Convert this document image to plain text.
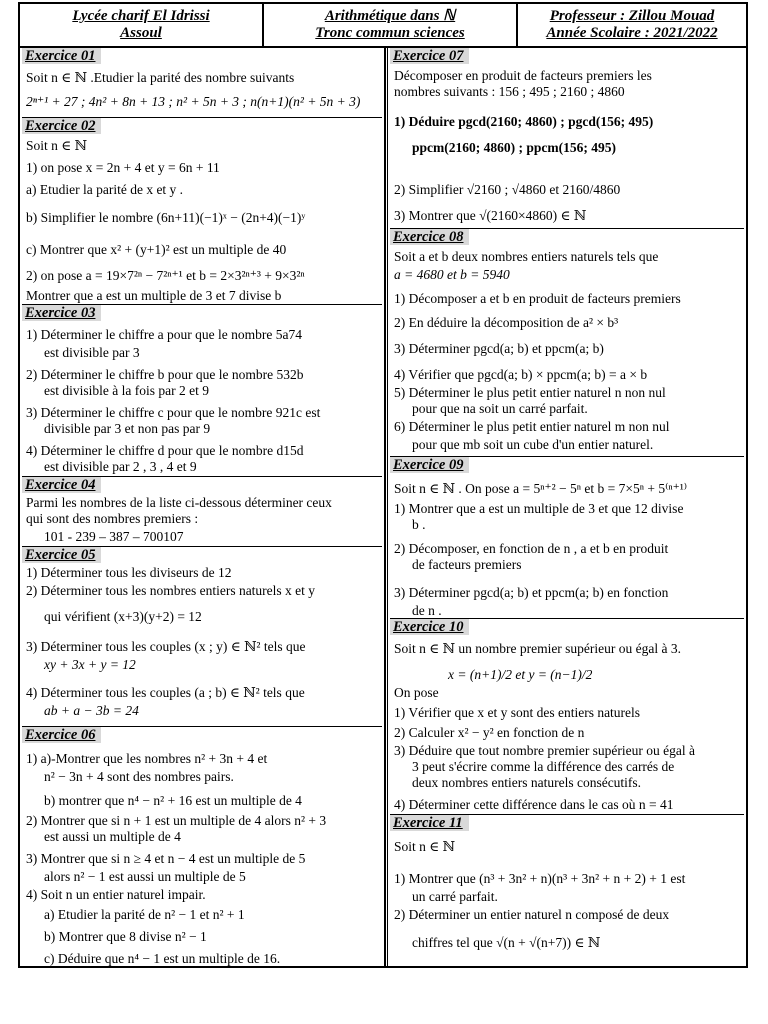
Lycée charif El Idrissi
Assoul
Arithmétique dans ℕ
Tronc commun sciences
Professeur : Zillou Mouad
Année Scolaire : 2021/2022
Exercice 01
Soit n ∈ ℕ .Etudier la parité des nombre suivants
2ⁿ⁺¹ + 27 ; 4n² + 8n + 13 ; n² + 5n + 3 ; n(n+1)(n² + 5n + 3)
Exercice 02
Soit n ∈ ℕ
1) on pose x = 2n + 4 et y = 6n + 11
a) Etudier la parité de x et y .
b) Simplifier le nombre (6n+11)(−1)ˣ − (2n+4)(−1)ʸ
c) Montrer que x² + (y+1)² est un multiple de 40
2) on pose a = 19×7²ⁿ − 7²ⁿ⁺¹ et b = 2×3²ⁿ⁺³ + 9×3²ⁿ
Montrer que a est un multiple de 3 et 7 divise b
Exercice 03
1) Déterminer le chiffre a pour que le nombre 5a74
est divisible par 3
2) Déterminer le chiffre b pour que le nombre 532b
est divisible à la fois par 2 et 9
3) Déterminer le chiffre c pour que le nombre 921c est
divisible par 3 et non pas par 9
4) Déterminer le chiffre d pour que le nombre d15d
est divisible par 2 , 3 , 4 et 9
Exercice 04
Parmi les nombres de la liste ci-dessous déterminer ceux
qui sont des nombres premiers :
101 - 239 – 387 – 700107
Exercice 05
1) Déterminer tous les diviseurs de 12
2) Déterminer tous les nombres entiers naturels x et y
qui vérifient (x+3)(y+2) = 12
3) Déterminer tous les couples (x ; y) ∈ ℕ² tels que
xy + 3x + y = 12
4) Déterminer tous les couples (a ; b) ∈ ℕ² tels que
ab + a − 3b = 24
Exercice 06
1) a)-Montrer que les nombres n² + 3n + 4 et
n² − 3n + 4 sont des nombres pairs.
b) montrer que n⁴ − n² + 16 est un multiple de 4
2) Montrer que si n + 1 est un multiple de 4 alors n² + 3
est aussi un multiple de 4
3) Montrer que si n ≥ 4 et n − 4 est un multiple de 5
alors n² − 1 est aussi un multiple de 5
4) Soit n un entier naturel impair.
a) Etudier la parité de n² − 1 et n² + 1
b) Montrer que 8 divise n² − 1
c) Déduire que n⁴ − 1 est un multiple de 16.
Exercice 07
Décomposer en produit de facteurs premiers les
nombres suivants : 156 ; 495 ; 2160 ; 4860
1) Déduire pgcd(2160; 4860) ; pgcd(156; 495)
ppcm(2160; 4860) ; ppcm(156; 495)
2) Simplifier √2160 ; √4860 et 2160/4860
3) Montrer que √(2160×4860) ∈ ℕ
Exercice 08
Soit a et b deux nombres entiers naturels tels que
a = 4680 et b = 5940
1) Décomposer a et b en produit de facteurs premiers
2) En déduire la décomposition de a² × b³
3) Déterminer pgcd(a; b) et ppcm(a; b)
4) Vérifier que pgcd(a; b) × ppcm(a; b) = a × b
5) Déterminer le plus petit entier naturel n non nul
pour que na soit un carré parfait.
6) Déterminer le plus petit entier naturel m non nul
pour que mb soit un cube d'un entier naturel.
Exercice 09
Soit n ∈ ℕ . On pose a = 5ⁿ⁺² − 5ⁿ et b = 7×5ⁿ + 5⁽ⁿ⁺¹⁾
1) Montrer que a est un multiple de 3 et que 12 divise
b .
2) Décomposer, en fonction de n , a et b en produit
de facteurs premiers
3) Déterminer pgcd(a; b) et ppcm(a; b) en fonction
de n .
Exercice 10
Soit n ∈ ℕ un nombre premier supérieur ou égal à 3.
x = (n+1)/2 et y = (n−1)/2
On pose
1) Vérifier que x et y sont des entiers naturels
2) Calculer x² − y² en fonction de n
3) Déduire que tout nombre premier supérieur ou égal à
3 peut s'écrire comme la différence des carrés de
deux nombres entiers naturels consécutifs.
4) Déterminer cette différence dans le cas où n = 41
Exercice 11
Soit n ∈ ℕ
1) Montrer que (n³ + 3n² + n)(n³ + 3n² + n + 2) + 1 est
un carré parfait.
2) Déterminer un entier naturel n composé de deux
chiffres tel que √(n + √(n+7)) ∈ ℕ
